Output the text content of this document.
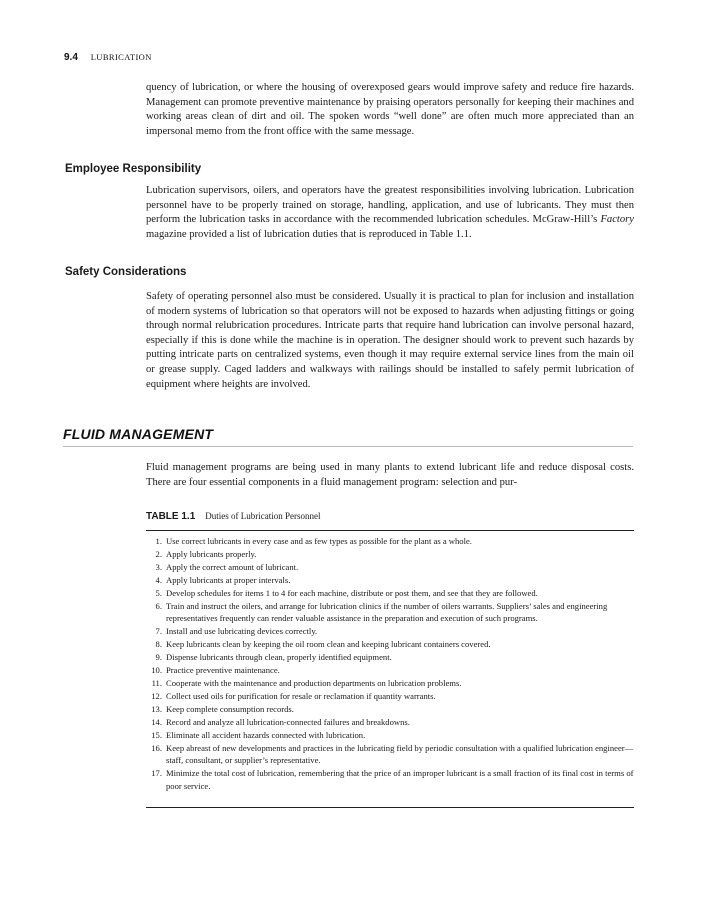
9.4 LUBRICATION

quency of lubrication, or where the housing of overexposed gears would improve safety and reduce fire hazards. Management can promote preventive maintenance by praising operators personally for keeping their machines and working areas clean of dirt and oil. The spoken words “well done” are often much more appreciated than an impersonal memo from the front office with the same message.

Employee Responsibility

Lubrication supervisors, oilers, and operators have the greatest responsibilities involving lubrication. Lubrication personnel have to be properly trained on storage, handling, application, and use of lubricants. They must then perform the lubrication tasks in accordance with the recommended lubrication schedules. McGraw-Hill’s Factory magazine provided a list of lubrication duties that is reproduced in Table 1.1.

Safety Considerations

Safety of operating personnel also must be considered. Usually it is practical to plan for inclusion and installation of modern systems of lubrication so that operators will not be exposed to hazards when adjusting fittings or going through normal relubrication procedures. Intricate parts that require hand lubrication can involve personal hazard, especially if this is done while the machine is in operation. The designer should work to prevent such hazards by putting intricate parts on centralized systems, even though it may require external service lines from the main oil or grease supply. Caged ladders and walkways with railings should be installed to safely permit lubrication of equipment where heights are involved.

FLUID MANAGEMENT

Fluid management programs are being used in many plants to extend lubricant life and reduce disposal costs. There are four essential components in a fluid management program: selection and pur-

TABLE 1.1 Duties of Lubrication Personnel
1. Use correct lubricants in every case and as few types as possible for the plant as a whole.
2. Apply lubricants properly.
3. Apply the correct amount of lubricant.
4. Apply lubricants at proper intervals.
5. Develop schedules for items 1 to 4 for each machine, distribute or post them, and see that they are followed.
6. Train and instruct the oilers, and arrange for lubrication clinics if the number of oilers warrants. Suppliers’ sales and engineering representatives frequently can render valuable assistance in the preparation and execution of such programs.
7. Install and use lubricating devices correctly.
8. Keep lubricants clean by keeping the oil room clean and keeping lubricant containers covered.
9. Dispense lubricants through clean, properly identified equipment.
10. Practice preventive maintenance.
11. Cooperate with the maintenance and production departments on lubrication problems.
12. Collect used oils for purification for resale or reclamation if quantity warrants.
13. Keep complete consumption records.
14. Record and analyze all lubrication-connected failures and breakdowns.
15. Eliminate all accident hazards connected with lubrication.
16. Keep abreast of new developments and practices in the lubricating field by periodic consultation with a qualified lubrication engineer—staff, consultant, or supplier’s representative.
17. Minimize the total cost of lubrication, remembering that the price of an improper lubricant is a small fraction of its final cost in terms of poor service.
